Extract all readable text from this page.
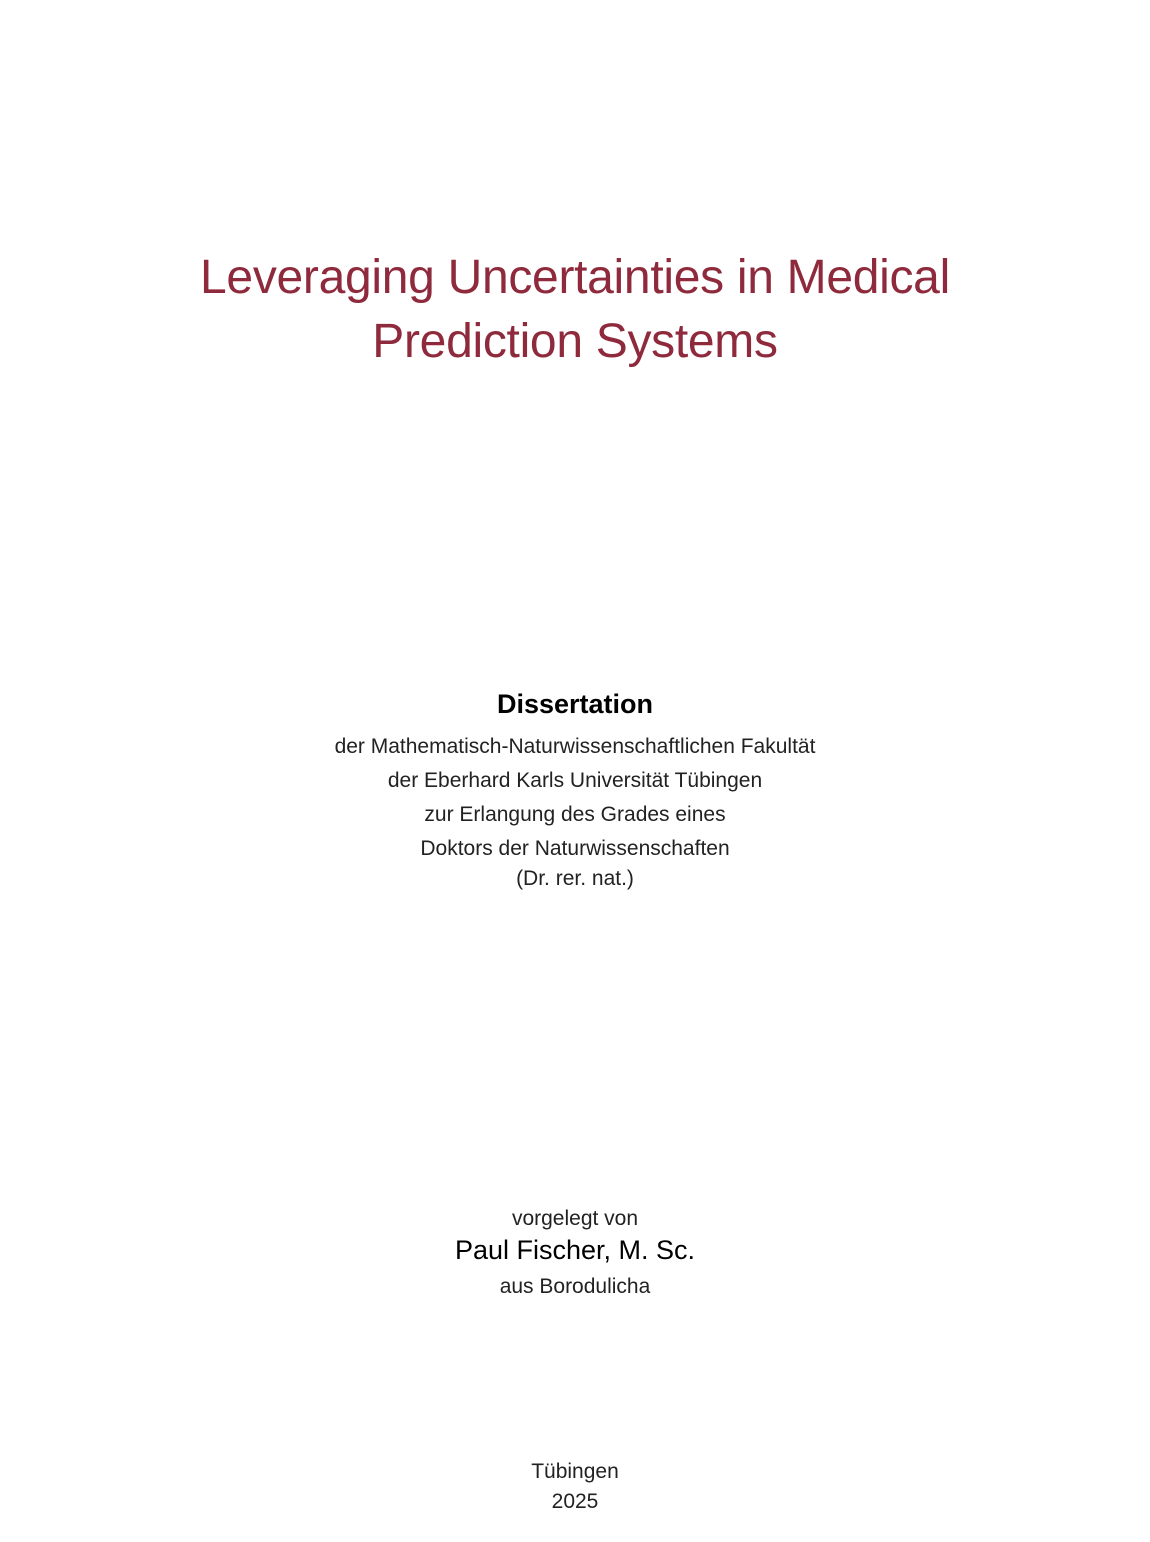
Leveraging Uncertainties in Medical
Prediction Systems
Dissertation
der Mathematisch-Naturwissenschaftlichen Fakultät
der Eberhard Karls Universität Tübingen
zur Erlangung des Grades eines
Doktors der Naturwissenschaften
(Dr. rer. nat.)
vorgelegt von
Paul Fischer, M. Sc.
aus Borodulicha
Tübingen
2025
